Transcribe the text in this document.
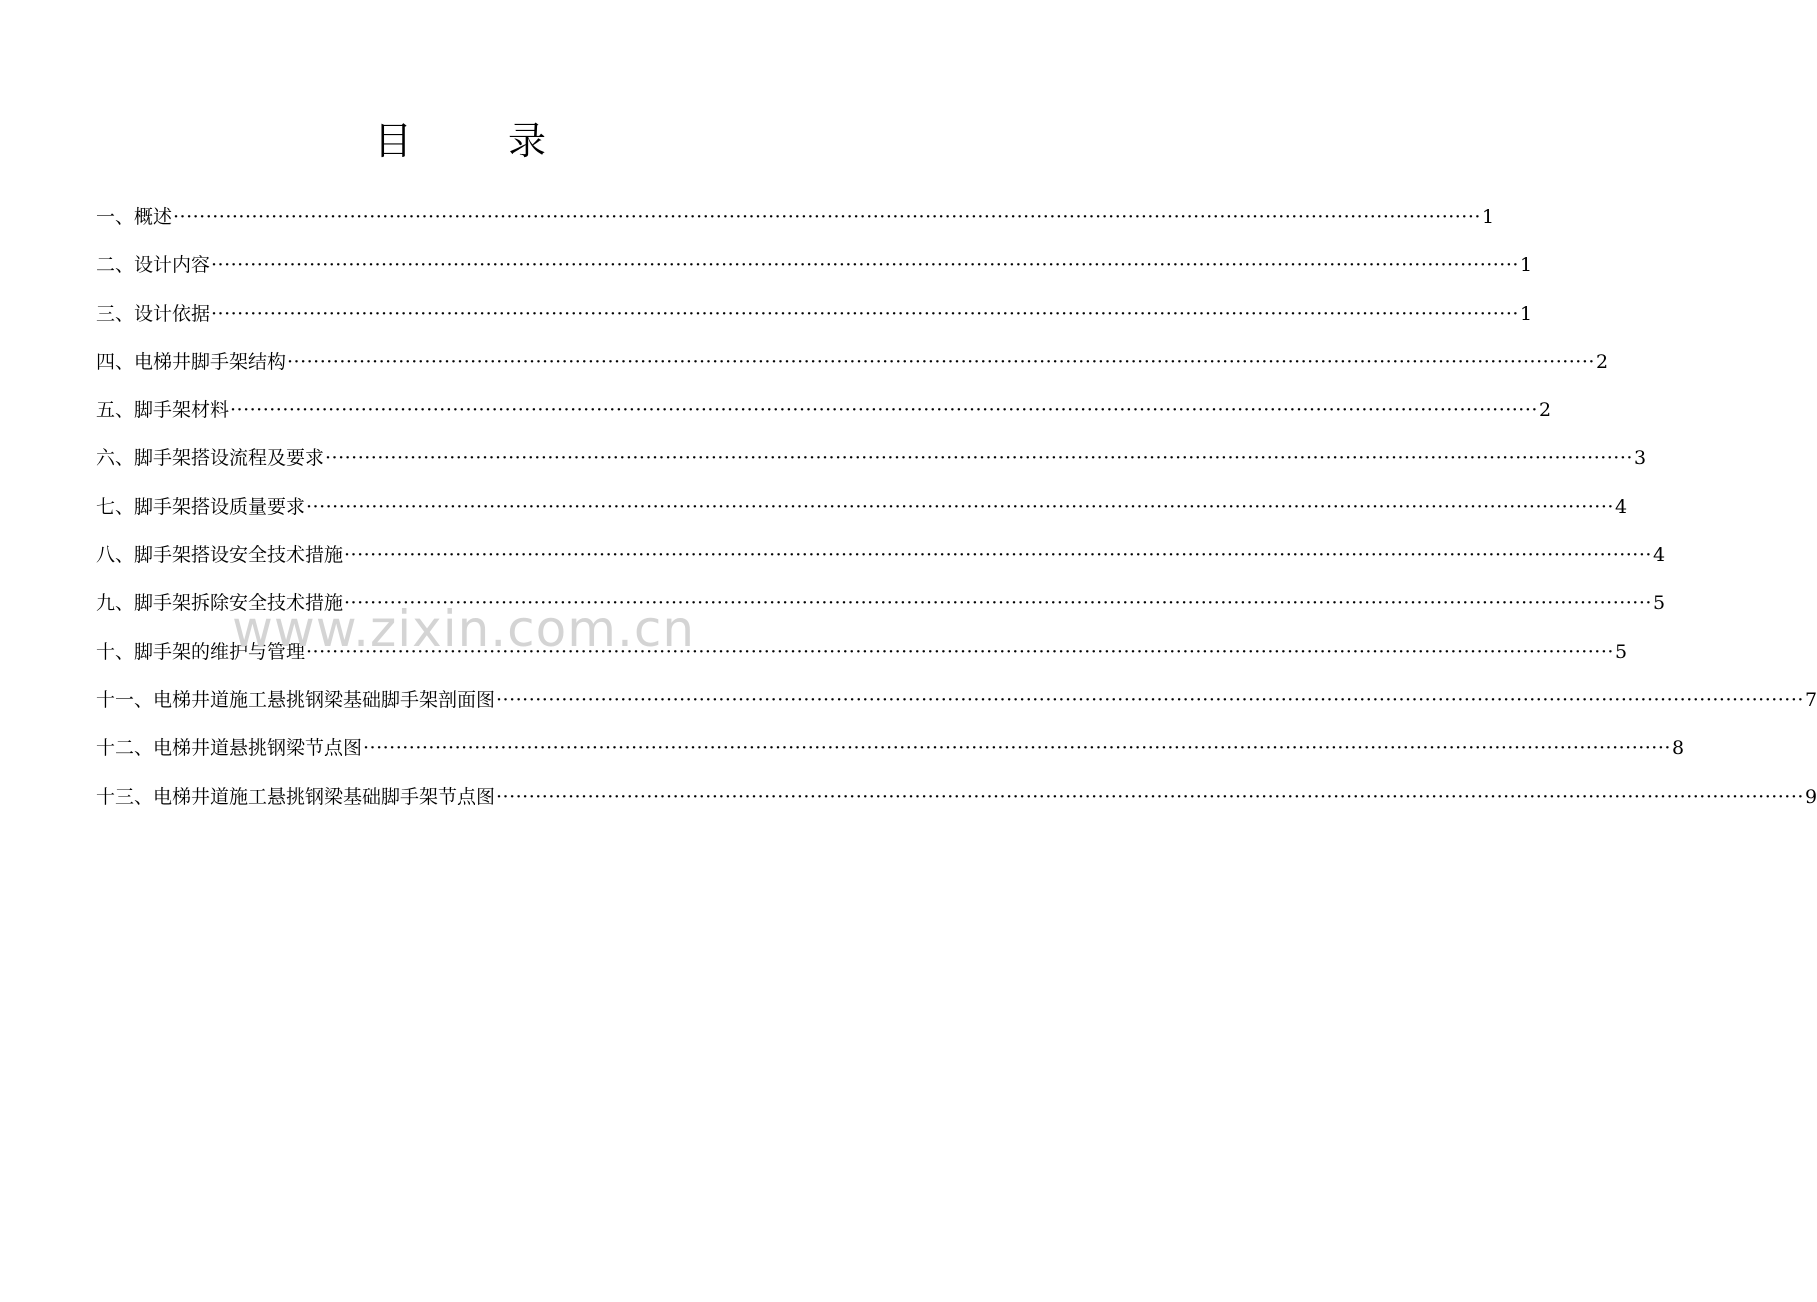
目 录
一、概述 ········································································································································································································ 1
二、设计内容 ········································································································································································································ 1
三、设计依据 ········································································································································································································ 1
四、电梯井脚手架结构 ········································································································································································································ 2
五、脚手架材料 ········································································································································································································ 2
六、脚手架搭设流程及要求 ········································································································································································································ 3
七、脚手架搭设质量要求 ········································································································································································································ 4
八、脚手架搭设安全技术措施 ········································································································································································································ 4
九、脚手架拆除安全技术措施 ········································································································································································································ 5
十、脚手架的维护与管理 ········································································································································································································ 5
十一、电梯井道施工悬挑钢梁基础脚手架剖面图 ········································································································································································································ 7
十二、电梯井道悬挑钢梁节点图 ········································································································································································································ 8
十三、电梯井道施工悬挑钢梁基础脚手架节点图 ········································································································································································································ 9
www.zixin.com.cn
